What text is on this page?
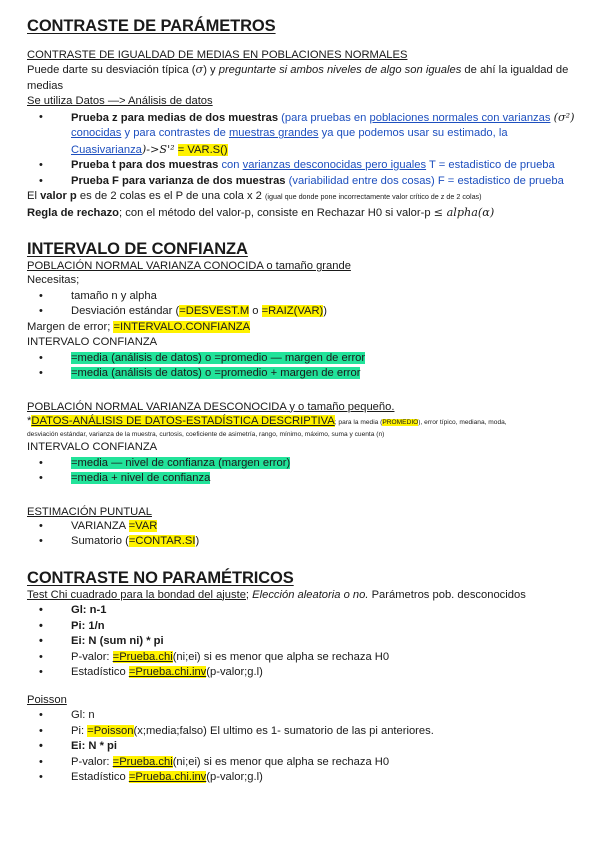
CONTRASTE DE PARÁMETROS

CONTRASTE DE IGUALDAD DE MEDIAS EN POBLACIONES NORMALES

Puede darte su desviación típica (σ) y preguntarte si ambos niveles de algo son iguales de ahí la igualdad de medias

Se utiliza Datos —> Análisis de datos

• Prueba z para medias de dos muestras (para pruebas en poblaciones normales con varianzas (σ²)
conocidas y para contrastes de muestras grandes ya que podemos usar su estimado, la
Cuasivarianza)->S'² = VAR.S()
• Prueba t para dos muestras con varianzas desconocidas pero iguales T = estadistico de prueba
• Prueba F para varianza de dos muestras (variabilidad entre dos cosas) F = estadistico de prueba

El valor p es de 2 colas es el P de una cola x 2 (igual que donde pone incorrectamente valor crítico de z de 2 colas)

Regla de rechazo; con el método del valor-p, consiste en Rechazar H0 si valor-p ≤ alpha(α)

INTERVALO DE CONFIANZA

POBLACIÓN NORMAL VARIANZA CONOCIDA o tamaño grande

Necesitas;

• tamaño n y alpha
• Desviación estándar (=DESVEST.M o =RAIZ(VAR))

Margen de error; =INTERVALO.CONFIANZA

INTERVALO CONFIANZA

• =media (análisis de datos) o =promedio — margen de error
• =media (análisis de datos) o =promedio + margen de error

POBLACIÓN NORMAL VARIANZA DESCONOCIDA y o tamaño pequeño.

*DATOS-ANÁLISIS DE DATOS-ESTADÍSTICA DESCRIPTIVA; para la media (PROMEDIO), error típico, mediana, moda,

desviación estándar, varianza de la muestra, curtosis, coeficiente de asimetría, rango, mínimo, máximo, suma y cuenta (n)

INTERVALO CONFIANZA

• =media — nivel de confianza (margen error)
• =media + nivel de confianza

ESTIMACIÓN PUNTUAL

• VARIANZA =VAR
• Sumatorio (=CONTAR.SI)
CONTRASTE NO PARAMÉTRICOS

Test Chi cuadrado para la bondad del ajuste; Elección aleatoria o no. Parámetros pob. desconocidos

• Gl: n-1
• Pi: 1/n
• Ei: N (sum ni) * pi
• P-valor: =Prueba.chi(ni;ei) si es menor que alpha se rechaza H0
• Estadístico =Prueba.chi.inv(p-valor;g.l)

Poisson

• Gl: n
• Pi: =Poisson(x;media;falso) El ultimo es 1- sumatorio de las pi anteriores.
• Ei: N * pi
• P-valor: =Prueba.chi(ni;ei) si es menor que alpha se rechaza H0
• Estadístico =Prueba.chi.inv(p-valor;g.l)
